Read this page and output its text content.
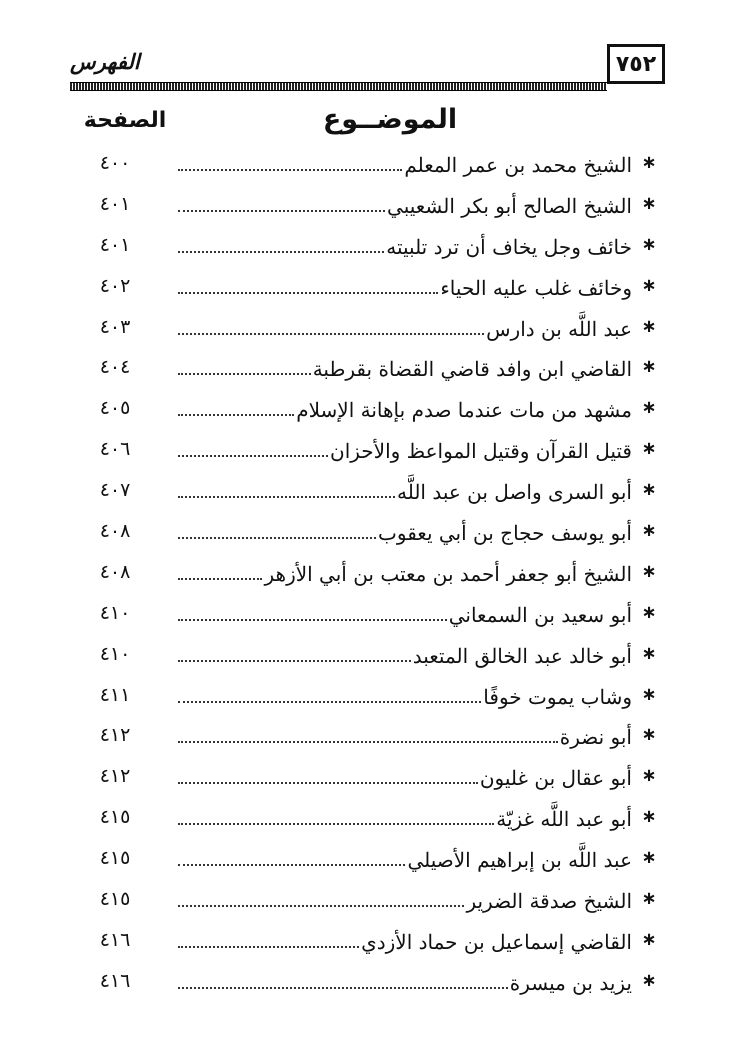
٧٥٢
الفهرس
الموضــوع
الصفحة
∗
الشيخ محمد بن عمر المعلم
٤٠٠
∗
الشيخ الصالح أبو بكر الشعيبي
٤٠١
∗
خائف وجل يخاف أن ترد تلبيته
٤٠١
∗
وخائف غلب عليه الحياء
٤٠٢
∗
عبد اللَّه بن دارس
٤٠٣
∗
القاضي ابن وافد قاضي القضاة بقرطبة
٤٠٤
∗
مشهد من مات عندما صدم بإهانة الإسلام
٤٠٥
∗
قتيل القرآن وقتيل المواعظ والأحزان
٤٠٦
∗
أبو السرى واصل بن عبد اللَّه
٤٠٧
∗
أبو يوسف حجاج بن أبي يعقوب
٤٠٨
∗
الشيخ أبو جعفر أحمد بن معتب بن أبي الأزهر
٤٠٨
∗
أبو سعيد بن السمعاني
٤١٠
∗
أبو خالد عبد الخالق المتعبد
٤١٠
∗
وشاب يموت خوفًا
٤١١
∗
أبو نضرة
٤١٢
∗
أبو عقال بن غليون
٤١٢
∗
أبو عبد اللَّه غزيّة
٤١٥
∗
عبد اللَّه بن إبراهيم الأصيلي
٤١٥
∗
الشيخ صدقة الضرير
٤١٥
∗
القاضي إسماعيل بن حماد الأزدي
٤١٦
∗
يزيد بن ميسرة
٤١٦
